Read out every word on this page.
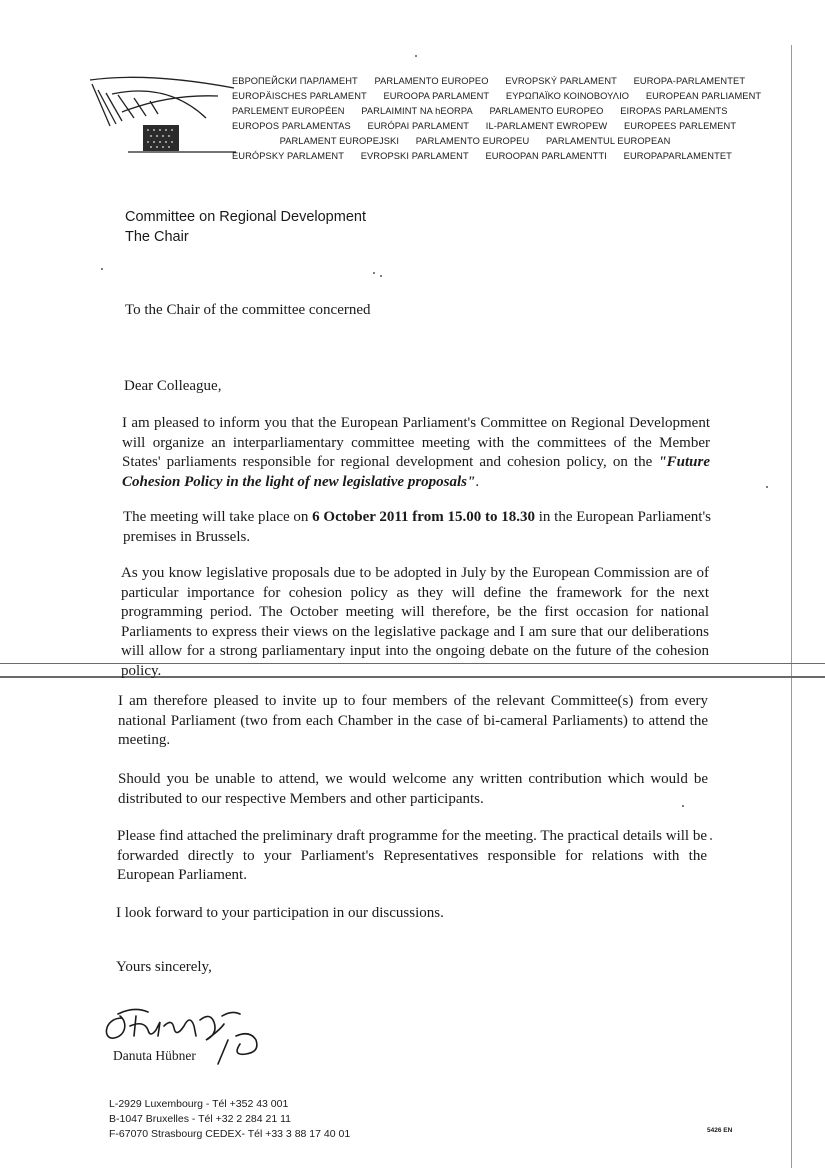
ЕВРОПЕЙСКИ ПАРЛАМЕНТ PARLAMENTO EUROPEO EVROPSKÝ PARLAMENT EUROPA-PARLAMENTET
EUROPÄISCHES PARLAMENT EUROOPA PARLAMENT ΕΥΡΩΠΑΪΚΟ ΚΟΙΝΟΒΟΥΛΙΟ EUROPEAN PARLIAMENT
PARLEMENT EUROPÉEN PARLAIMINT NA hEORPA PARLAMENTO EUROPEO EIROPAS PARLAMENTS
EUROPOS PARLAMENTAS EURÓPAI PARLAMENT IL-PARLAMENT EWROPEW EUROPEES PARLEMENT
PARLAMENT EUROPEJSKI PARLAMENTO EUROPEU PARLAMENTUL EUROPEAN
EURÓPSKY PARLAMENT EVROPSKI PARLAMENT EUROOPAN PARLAMENTTI EUROPAPARLAMENTET
Committee on Regional Development
The Chair

To the Chair of the committee concerned

Dear Colleague,

I am pleased to inform you that the European Parliament's Committee on Regional Development will organize an interparliamentary committee meeting with the committees of the Member States' parliaments responsible for regional development and cohesion policy, on the "Future Cohesion Policy in the light of new legislative proposals".

The meeting will take place on 6 October 2011 from 15.00 to 18.30 in the European Parliament's premises in Brussels.

As you know legislative proposals due to be adopted in July by the European Commission are of particular importance for cohesion policy as they will define the framework for the next programming period. The October meeting will therefore, be the first occasion for national Parliaments to express their views on the legislative package and I am sure that our deliberations will allow for a strong parliamentary input into the ongoing debate on the future of the cohesion policy.

I am therefore pleased to invite up to four members of the relevant Committee(s) from every national Parliament (two from each Chamber in the case of bi-cameral Parliaments) to attend the meeting.

Should you be unable to attend, we would welcome any written contribution which would be distributed to our respective Members and other participants.

Please find attached the preliminary draft programme for the meeting. The practical details will be forwarded directly to your Parliament's Representatives responsible for relations with the European Parliament.

I look forward to your participation in our discussions.

Yours sincerely,

Danuta Hübner
L-2929 Luxembourg - Tél +352 43 001
B-1047 Bruxelles - Tél +32 2 284 21 11
F-67070 Strasbourg CEDEX- Tél +33 3 88 17 40 01	5426 EN
